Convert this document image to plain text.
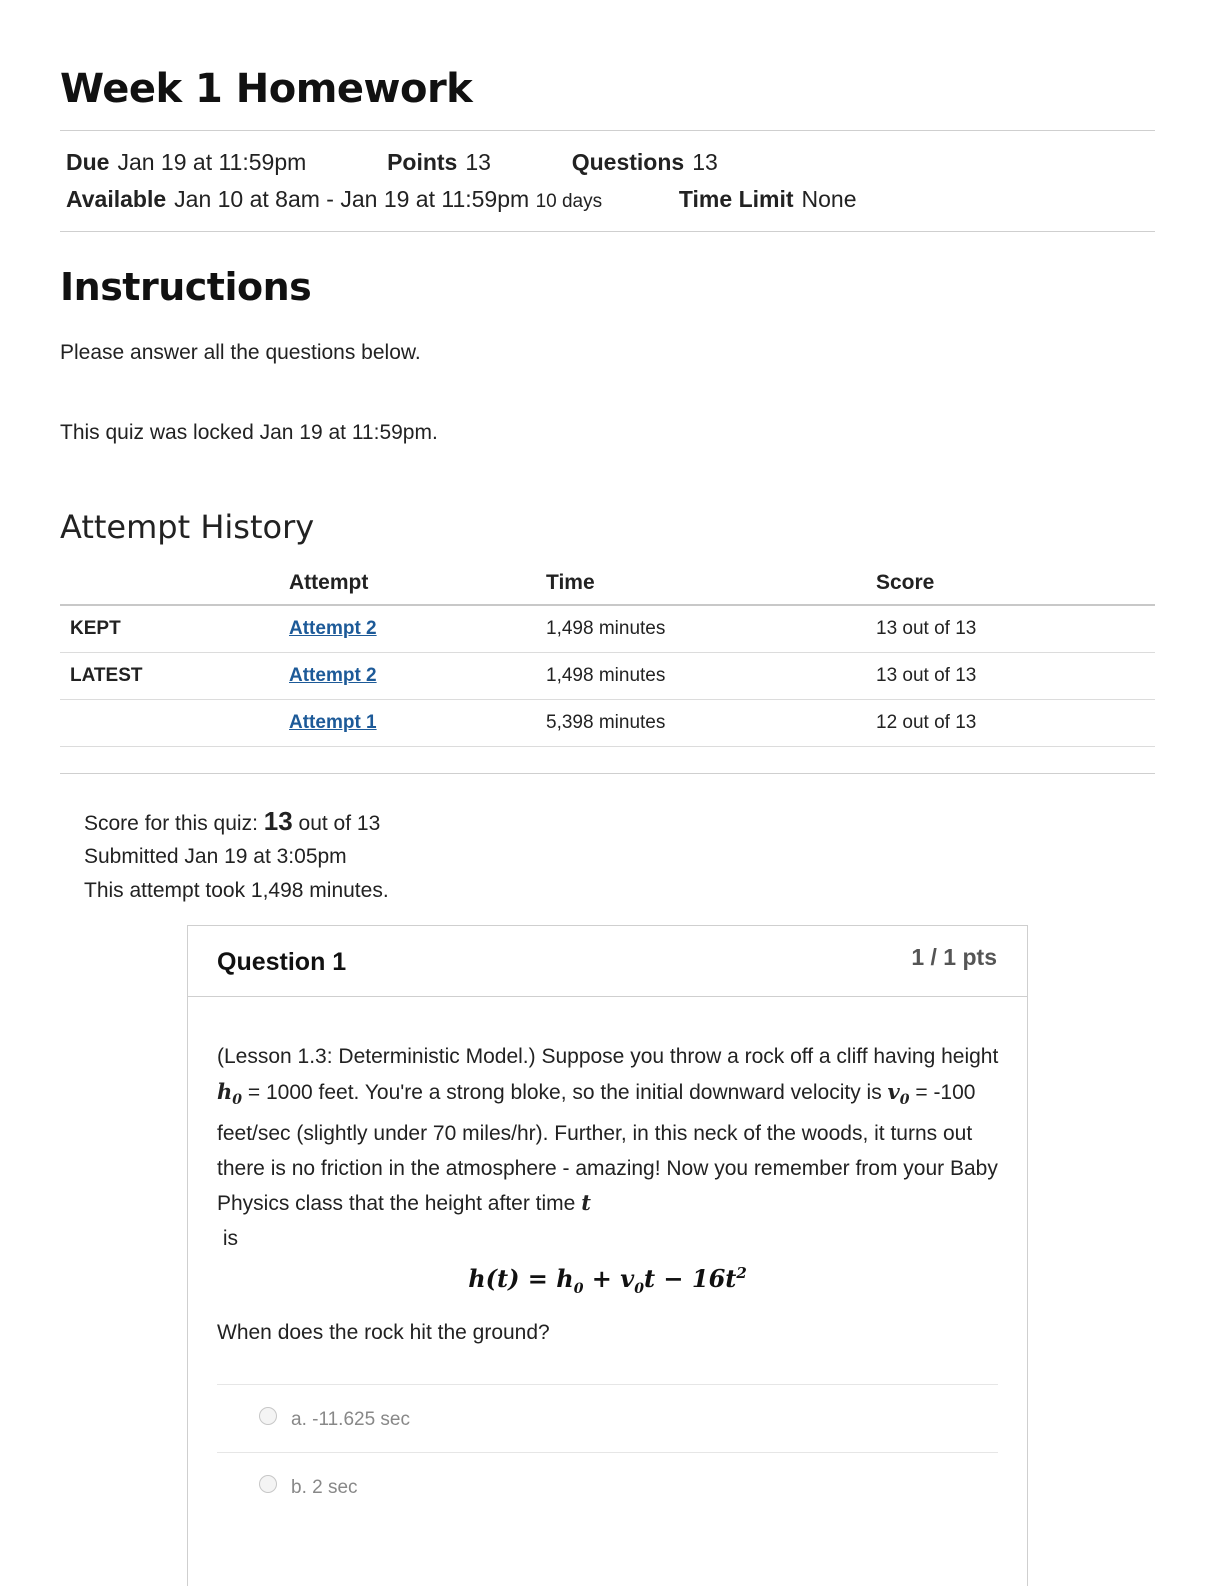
Week 1 Homework
Due Jan 19 at 11:59pm	Points 13	Questions 13
Available Jan 10 at 8am - Jan 19 at 11:59pm 10 days	Time Limit None
Instructions
Please answer all the questions below.
This quiz was locked Jan 19 at 11:59pm.
Attempt History
	Attempt	Time	Score
KEPT	Attempt 2	1,498 minutes	13 out of 13
LATEST	Attempt 2	1,498 minutes	13 out of 13
	Attempt 1	5,398 minutes	12 out of 13
Score for this quiz: 13 out of 13
Submitted Jan 19 at 3:05pm
This attempt took 1,498 minutes.
Question 1	1 / 1 pts
(Lesson 1.3: Deterministic Model.) Suppose you throw a rock off a cliff having height $h_0 = 1000$ feet. You're a strong bloke, so the initial downward velocity is $v_0 = -100$ feet/sec (slightly under 70 miles/hr). Further, in this neck of the woods, it turns out there is no friction in the atmosphere - amazing! Now you remember from your Baby Physics class that the height after time t
is
$h(t) = h_0 + v_0t - 16t^2$
When does the rock hit the ground?
a. -11.625 sec
b. 2 sec
